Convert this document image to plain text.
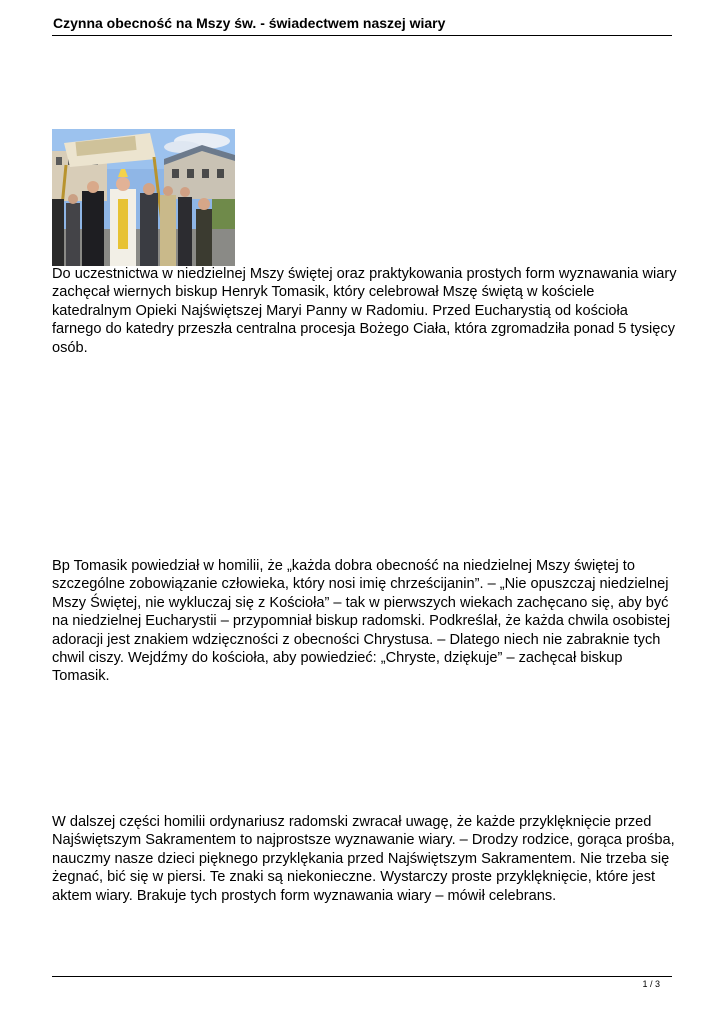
Czynna obecność na Mszy św. - świadectwem naszej wiary

Do uczestnictwa w niedzielnej Mszy świętej oraz praktykowania prostych form wyznawania wiary zachęcał wiernych biskup Henryk Tomasik, który celebrował Mszę świętą w kościele katedralnym Opieki Najświętszej Maryi Panny w Radomiu. Przed Eucharystią od kościoła farnego do katedry przeszła centralna procesja Bożego Ciała, która zgromadziła ponad 5 tysięcy osób.

Bp Tomasik powiedział w homilii, że „każda dobra obecność na niedzielnej Mszy świętej to szczególne zobowiązanie człowieka, który nosi imię chrześcijanin”. – „Nie opuszczaj niedzielnej Mszy Świętej, nie wykluczaj się z Kościoła” – tak w pierwszych wiekach zachęcano się, aby być na niedzielnej Eucharystii – przypomniał biskup radomski. Podkreślał, że każda chwila osobistej adoracji jest znakiem wdzięczności z obecności Chrystusa. – Dlatego niech nie zabraknie tych chwil ciszy. Wejdźmy do kościoła, aby powiedzieć: „Chryste, dziękuje” – zachęcał biskup Tomasik.

W dalszej części homilii ordynariusz radomski zwracał uwagę, że każde przyklęknięcie przed Najświętszym Sakramentem to najprostsze wyznawanie wiary. – Drodzy rodzice, gorąca prośba, nauczmy nasze dzieci pięknego przyklękania przed Najświętszym Sakramentem. Nie trzeba się żegnać, bić się w piersi. Te znaki są niekonieczne. Wystarczy proste przyklęknięcie, które jest aktem wiary. Brakuje tych prostych form wyznawania wiary – mówił celebrans.

1 / 3
